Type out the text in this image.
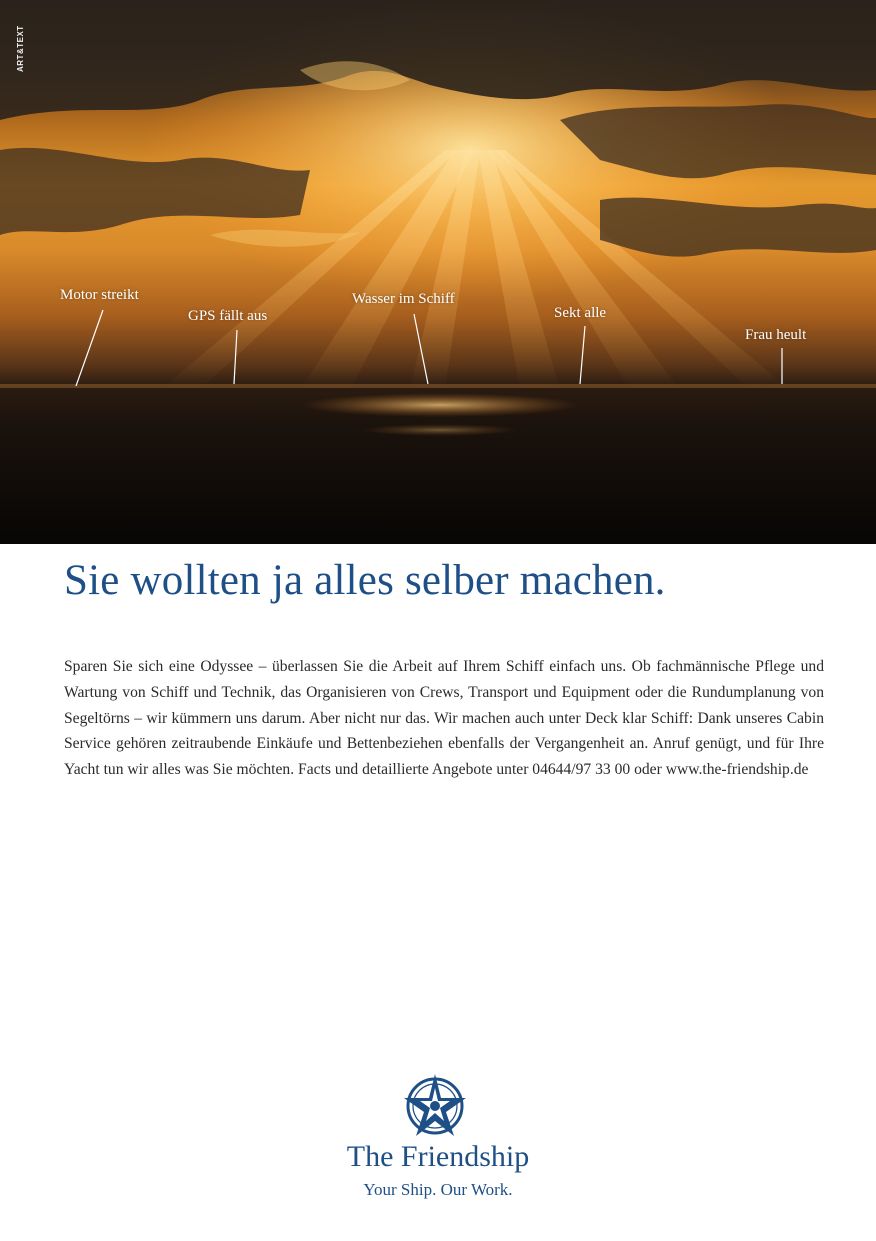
ART&TEXT
Motor streikt
GPS fällt aus
Wasser im Schiff
Sekt alle
Frau heult
Sie wollten ja alles selber machen.

Sparen Sie sich eine Odyssee – überlassen Sie die Arbeit auf Ihrem Schiff einfach uns. Ob fachmännische Pflege und Wartung von Schiff und Technik, das Organisieren von Crews, Transport und Equipment oder die Rundumplanung von Segeltörns – wir kümmern uns darum. Aber nicht nur das. Wir machen auch unter Deck klar Schiff: Dank unseres Cabin Service gehören zeitraubende Einkäufe und Bettenbeziehen ebenfalls der Vergangenheit an. Anruf genügt, und für Ihre Yacht tun wir alles was Sie möchten. Facts und detaillierte Angebote unter 04644/97 33 00 oder www.the-friendship.de

The Friendship
Your Ship. Our Work.
